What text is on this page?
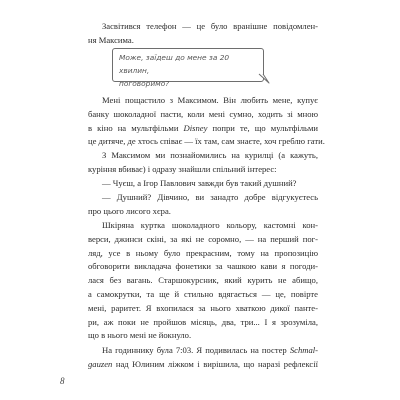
Засвітився телефон — це було вранішне повідомлен-
ня Максима.

Може, заїдеш до мене за 20 хвилин,
поговоримо?

Мені пощастило з Максимом. Він любить мене, купує
банку шоколадної пасти, коли мені сумно, ходить зі мною
в кіно на мультфільми Disney попри те, що мультфільми
це дитяче, де хтось співає — їх там, сам знаєте, хоч греблю гати.

З Максимом ми познайомились на курилці (а кажуть,
куріння вбиває) і одразу знайшли спільний інтерес:

— Чуєш, а Ігор Павлович завжди був такий душний?

— Душний? Дівчино, ви занадто добре відгукуєтесь
про цього лисого хєра.

Шкіряна куртка шоколадного кольору, кастомні кон-
верси, джинси скіні, за які не соромно, — на перший пог-
ляд, усе в ньому було прекрасним, тому на пропозицію
обговорити викладача фонетики за чашкою кави я погоди-
лася без вагань. Старшокурсник, який курить не абищо,
а самокрутки, та ще й стильно вдягається — це, повірте
мені, раритет. Я вхопилася за нього хваткою дикої панте-
ри, аж поки не пройшов місяць, два, три... І я зрозуміла,
що в нього мені не йокнуло.

На годиннику була 7:03. Я подивилась на постер Schmal-
gauzen над Юлиним ліжком і вирішила, що наразі рефлексії

8
